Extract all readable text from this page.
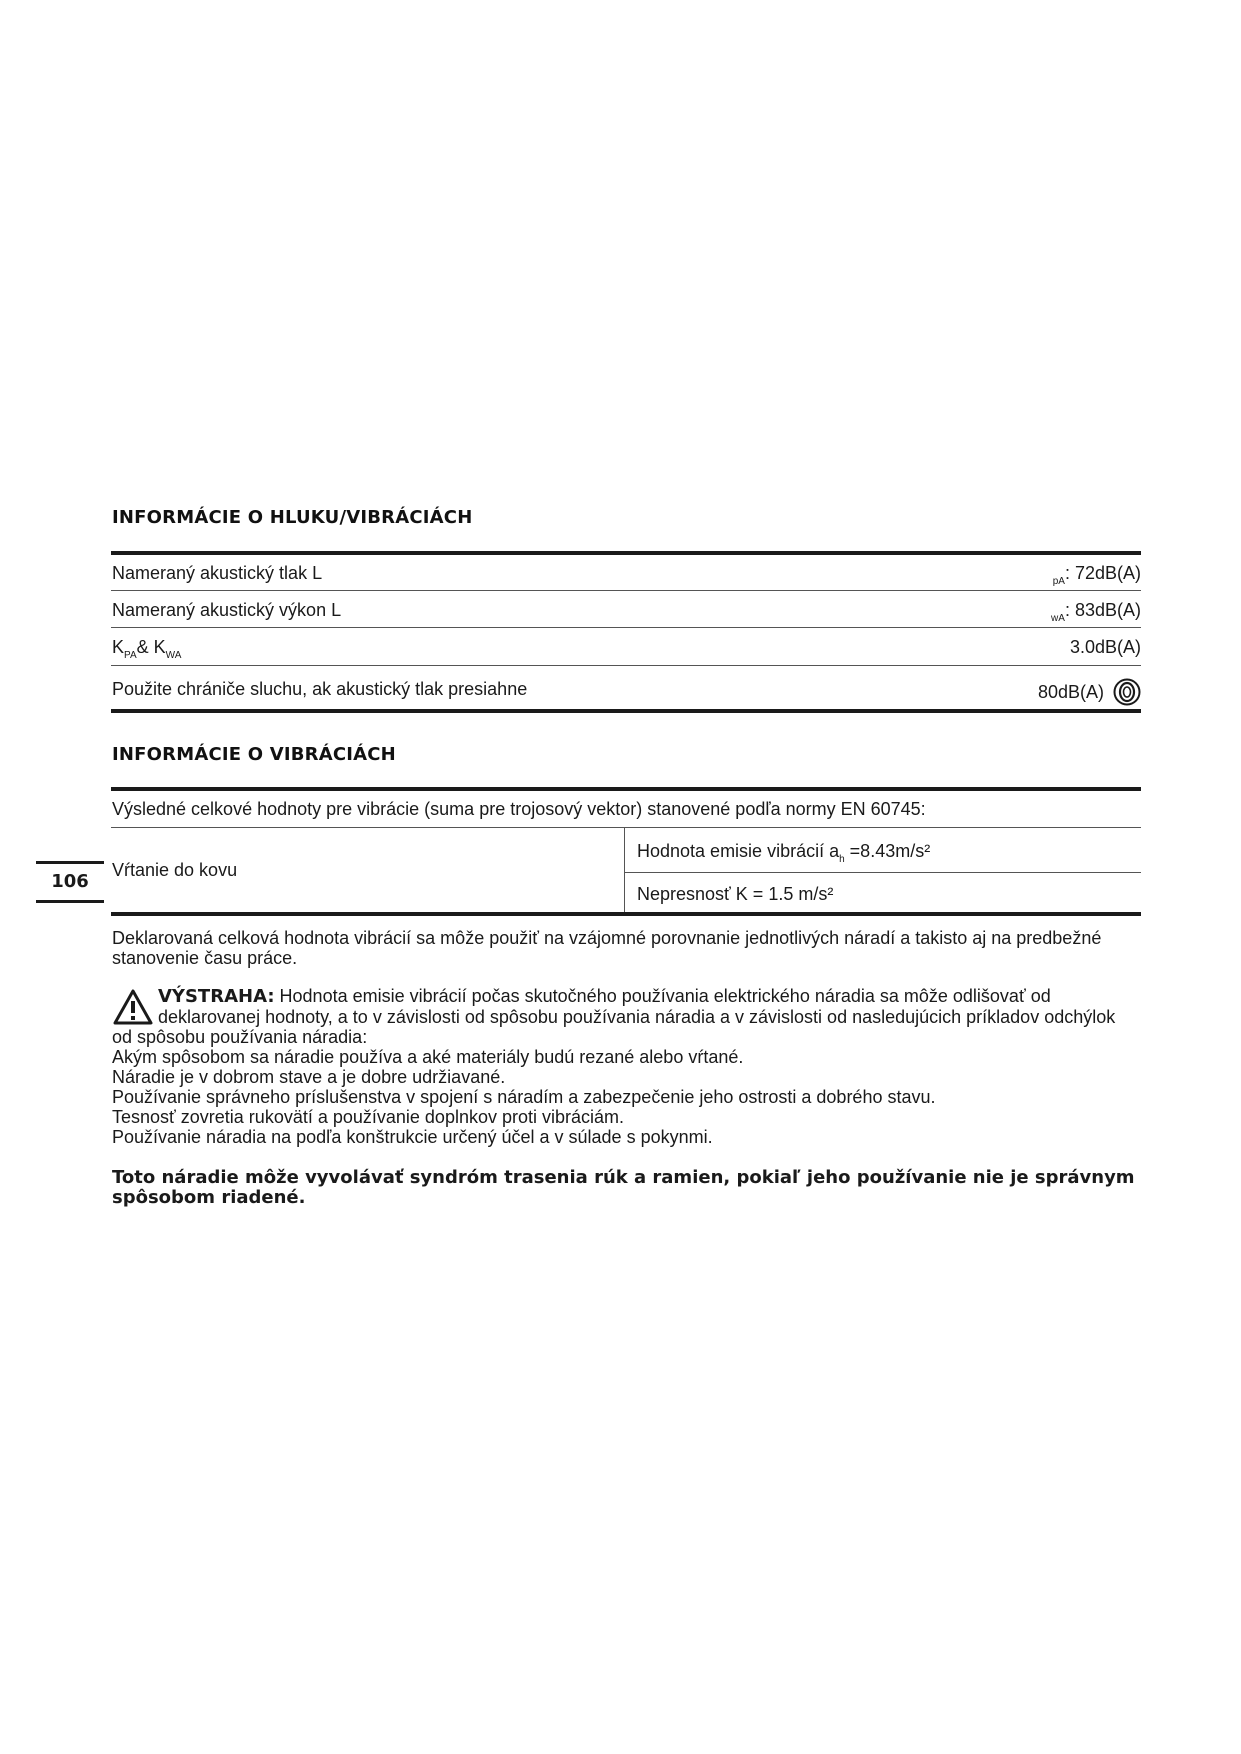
INFORMÁCIE O HLUKU/VIBRÁCIÁCH
Nameraný akustický tlak L	$_{pA}$: 72dB(A)
Nameraný akustický výkon L	$_{wA}$: 83dB(A)
$K_{PA}\&$ $K_{WA}$	3.0dB(A)
Použite chrániče sluchu, ak akustický tlak presiahne	80dB(A)
INFORMÁCIE O VIBRÁCIÁCH
Výsledné celkové hodnoty pre vibrácie (suma pre trojosový vektor) stanovené podľa normy EN 60745:
Vŕtanie do kovu
Hodnota emisie vibrácií $a_h =8.43m/s^2$
Nepresnosť K = 1.5 m/s²
106
Deklarovaná celková hodnota vibrácií sa môže použiť na vzájomné porovnanie jednotlivých náradí a takisto aj na predbežné stanovenie času práce.
VÝSTRAHA: Hodnota emisie vibrácií počas skutočného používania elektrického náradia sa môže odlišovať od
deklarovanej hodnoty, a to v závislosti od spôsobu používania náradia a v závislosti od nasledujúcich príkladov odchýlok
od spôsobu používania náradia:
Akým spôsobom sa náradie používa a aké materiály budú rezané alebo vŕtané.
Náradie je v dobrom stave a je dobre udržiavané.
Používanie správneho príslušenstva v spojení s náradím a zabezpečenie jeho ostrosti a dobrého stavu.
Tesnosť zovretia rukovätí a používanie doplnkov proti vibráciám.
Používanie náradia na podľa konštrukcie určený účel a v súlade s pokynmi.
Toto náradie môže vyvolávať syndróm trasenia rúk a ramien, pokiaľ jeho používanie nie je správnym spôsobom riadené.
